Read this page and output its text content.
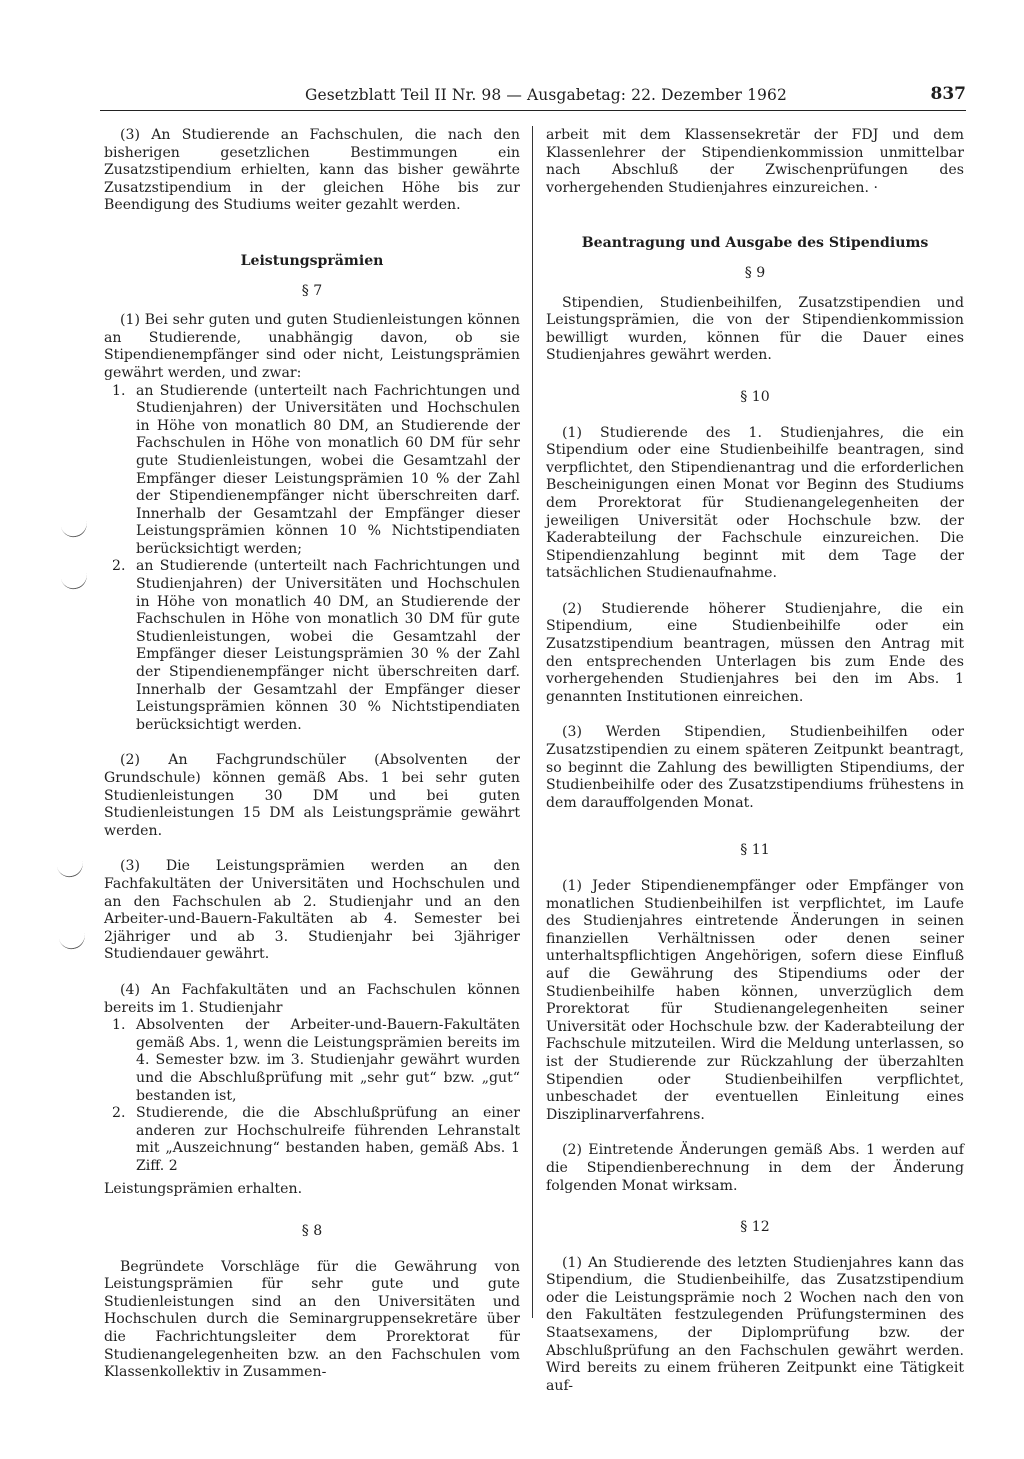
Gesetzblatt Teil II Nr. 98 — Ausgabetag: 22. Dezember 1962	837

(3) An Studierende an Fachschulen, die nach den bisherigen gesetzlichen Bestimmungen ein Zusatzstipendium erhielten, kann das bisher gewährte Zusatzstipendium in der gleichen Höhe bis zur Beendigung des Studiums weiter gezahlt werden.

Leistungsprämien

§ 7

(1) Bei sehr guten und guten Studienleistungen können an Studierende, unabhängig davon, ob sie Stipendienempfänger sind oder nicht, Leistungsprämien gewährt werden, und zwar:

1. an Studierende (unterteilt nach Fachrichtungen und Studienjahren) der Universitäten und Hochschulen in Höhe von monatlich 80 DM, an Studierende der Fachschulen in Höhe von monatlich 60 DM für sehr gute Studienleistungen, wobei die Gesamtzahl der Empfänger dieser Leistungsprämien 10 % der Zahl der Stipendienempfänger nicht überschreiten darf. Innerhalb der Gesamtzahl der Empfänger dieser Leistungsprämien können 10 % Nichtstipendiaten berücksichtigt werden;
2. an Studierende (unterteilt nach Fachrichtungen und Studienjahren) der Universitäten und Hochschulen in Höhe von monatlich 40 DM, an Studierende der Fachschulen in Höhe von monatlich 30 DM für gute Studienleistungen, wobei die Gesamtzahl der Empfänger dieser Leistungsprämien 30 % der Zahl der Stipendienempfänger nicht überschreiten darf. Innerhalb der Gesamtzahl der Empfänger dieser Leistungsprämien können 30 % Nichtstipendiaten berücksichtigt werden.

(2) An Fachgrundschüler (Absolventen der Grundschule) können gemäß Abs. 1 bei sehr guten Studienleistungen 30 DM und bei guten Studienleistungen 15 DM als Leistungsprämie gewährt werden.

(3) Die Leistungsprämien werden an den Fachfakultäten der Universitäten und Hochschulen und an den Fachschulen ab 2. Studienjahr und an den Arbeiter-und-Bauern-Fakultäten ab 4. Semester bei 2jähriger und ab 3. Studienjahr bei 3jähriger Studiendauer gewährt.

(4) An Fachfakultäten und an Fachschulen können bereits im 1. Studienjahr

1. Absolventen der Arbeiter-und-Bauern-Fakultäten gemäß Abs. 1, wenn die Leistungsprämien bereits im 4. Semester bzw. im 3. Studienjahr gewährt wurden und die Abschlußprüfung mit „sehr gut“ bzw. „gut“ bestanden ist,
2. Studierende, die die Abschlußprüfung an einer anderen zur Hochschulreife führenden Lehranstalt mit „Auszeichnung“ bestanden haben, gemäß Abs. 1 Ziff. 2

Leistungsprämien erhalten.

§ 8

Begründete Vorschläge für die Gewährung von Leistungsprämien für sehr gute und gute Studienleistungen sind an den Universitäten und Hochschulen durch die Seminargruppensekretäre über die Fachrichtungsleiter dem Prorektorat für Studienangelegenheiten bzw. an den Fachschulen vom Klassenkollektiv in Zusammen-

arbeit mit dem Klassensekretär der FDJ und dem Klassenlehrer der Stipendienkommission unmittelbar nach Abschluß der Zwischenprüfungen des vorhergehenden Studienjahres einzureichen. ·

Beantragung und Ausgabe des Stipendiums

§ 9

Stipendien, Studienbeihilfen, Zusatzstipendien und Leistungsprämien, die von der Stipendienkommission bewilligt wurden, können für die Dauer eines Studienjahres gewährt werden.

§ 10

(1) Studierende des 1. Studienjahres, die ein Stipendium oder eine Studienbeihilfe beantragen, sind verpflichtet, den Stipendienantrag und die erforderlichen Bescheinigungen einen Monat vor Beginn des Studiums dem Prorektorat für Studienangelegenheiten der jeweiligen Universität oder Hochschule bzw. der Kaderabteilung der Fachschule einzureichen. Die Stipendienzahlung beginnt mit dem Tage der tatsächlichen Studienaufnahme.

(2) Studierende höherer Studienjahre, die ein Stipendium, eine Studienbeihilfe oder ein Zusatzstipendium beantragen, müssen den Antrag mit den entsprechenden Unterlagen bis zum Ende des vorhergehenden Studienjahres bei den im Abs. 1 genannten Institutionen einreichen.

(3) Werden Stipendien, Studienbeihilfen oder Zusatzstipendien zu einem späteren Zeitpunkt beantragt, so beginnt die Zahlung des bewilligten Stipendiums, der Studienbeihilfe oder des Zusatzstipendiums frühestens in dem darauffolgenden Monat.

§ 11

(1) Jeder Stipendienempfänger oder Empfänger von monatlichen Studienbeihilfen ist verpflichtet, im Laufe des Studienjahres eintretende Änderungen in seinen finanziellen Verhältnissen oder denen seiner unterhaltspflichtigen Angehörigen, sofern diese Einfluß auf die Gewährung des Stipendiums oder der Studienbeihilfe haben können, unverzüglich dem Prorektorat für Studienangelegenheiten seiner Universität oder Hochschule bzw. der Kaderabteilung der Fachschule mitzuteilen. Wird die Meldung unterlassen, so ist der Studierende zur Rückzahlung der überzahlten Stipendien oder Studienbeihilfen verpflichtet, unbeschadet der eventuellen Einleitung eines Disziplinarverfahrens.

(2) Eintretende Änderungen gemäß Abs. 1 werden auf die Stipendienberechnung in dem der Änderung folgenden Monat wirksam.

§ 12

(1) An Studierende des letzten Studienjahres kann das Stipendium, die Studienbeihilfe, das Zusatzstipendium oder die Leistungsprämie noch 2 Wochen nach den von den Fakultäten festzulegenden Prüfungsterminen des Staatsexamens, der Diplomprüfung bzw. der Abschlußprüfung an den Fachschulen gewährt werden. Wird bereits zu einem früheren Zeitpunkt eine Tätigkeit auf-
